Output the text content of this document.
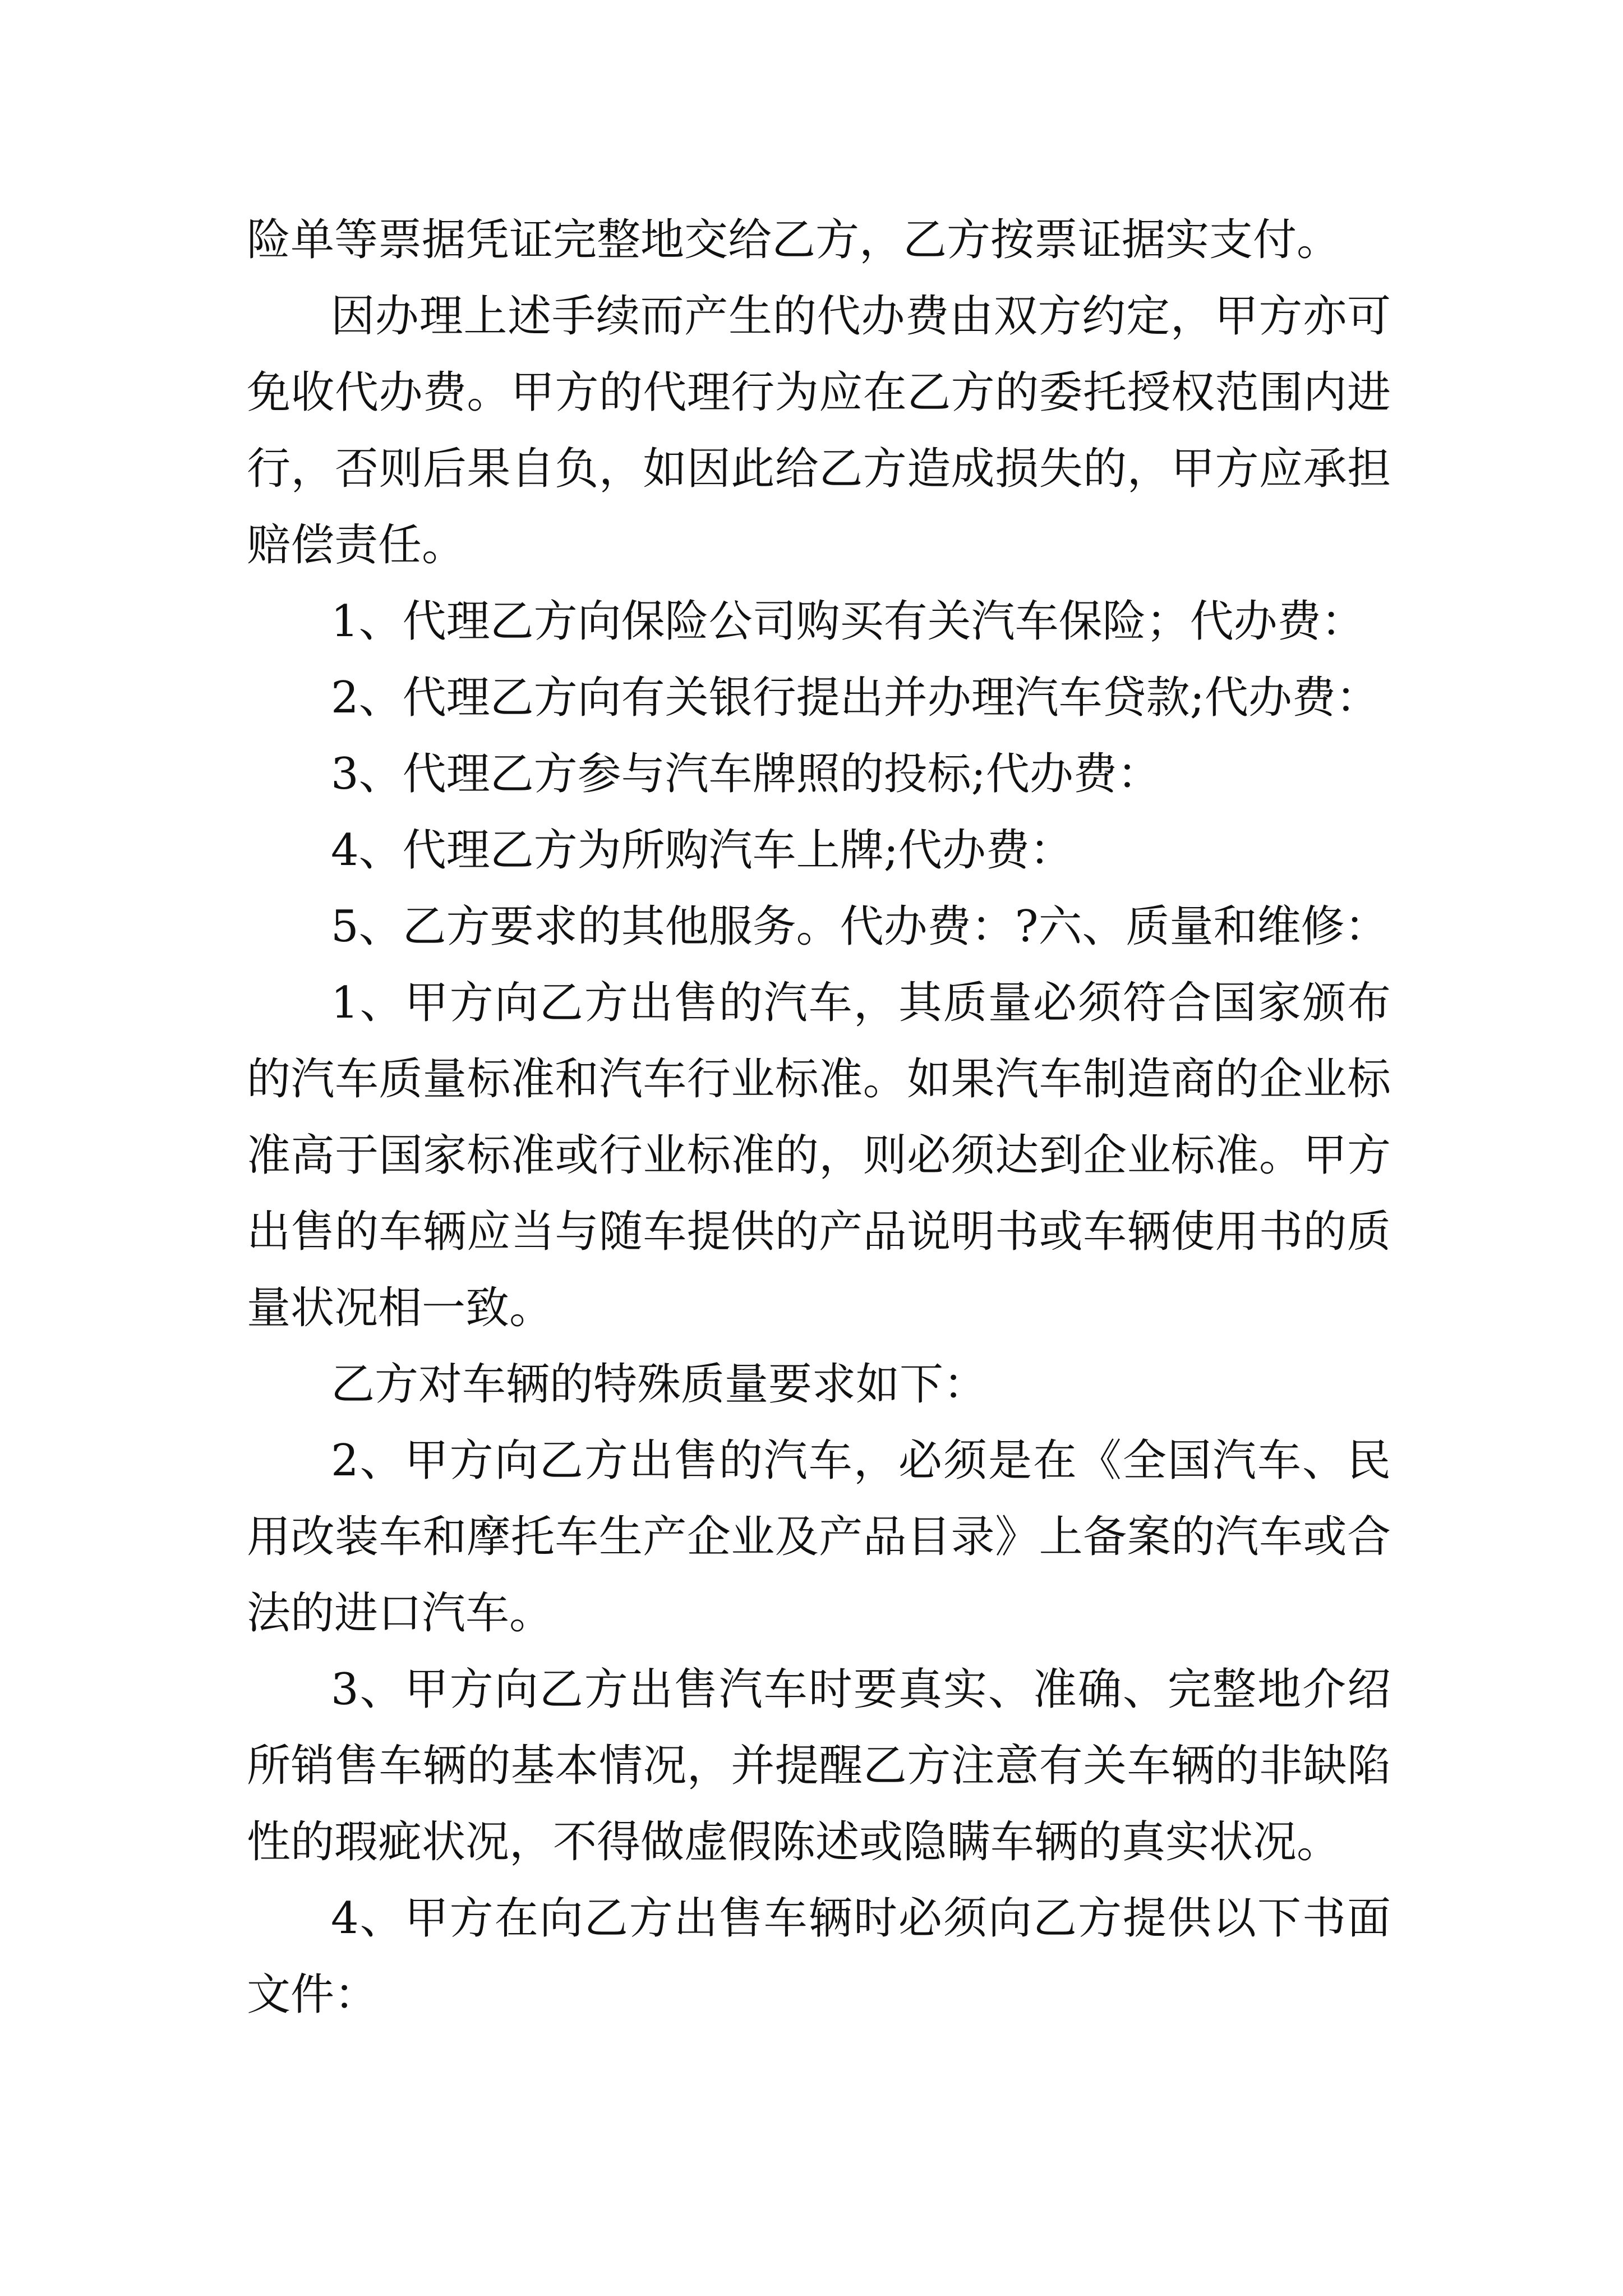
险单等票据凭证完整地交给乙方，乙方按票证据实支付。

因办理上述手续而产生的代办费由双方约定，甲方亦可免收代办费。甲方的代理行为应在乙方的委托授权范围内进行，否则后果自负，如因此给乙方造成损失的，甲方应承担赔偿责任。

1、代理乙方向保险公司购买有关汽车保险；代办费：

2、代理乙方向有关银行提出并办理汽车贷款;代办费：

3、代理乙方参与汽车牌照的投标;代办费：

4、代理乙方为所购汽车上牌;代办费：

5、乙方要求的其他服务。代办费：?六、质量和维修：

1、甲方向乙方出售的汽车，其质量必须符合国家颁布的汽车质量标准和汽车行业标准。如果汽车制造商的企业标准高于国家标准或行业标准的，则必须达到企业标准。甲方出售的车辆应当与随车提供的产品说明书或车辆使用书的质量状况相一致。

乙方对车辆的特殊质量要求如下：

2、甲方向乙方出售的汽车，必须是在《全国汽车、民用改装车和摩托车生产企业及产品目录》上备案的汽车或合法的进口汽车。

3、甲方向乙方出售汽车时要真实、准确、完整地介绍所销售车辆的基本情况，并提醒乙方注意有关车辆的非缺陷性的瑕疵状况，不得做虚假陈述或隐瞒车辆的真实状况。

4、甲方在向乙方出售车辆时必须向乙方提供以下书面文件：
